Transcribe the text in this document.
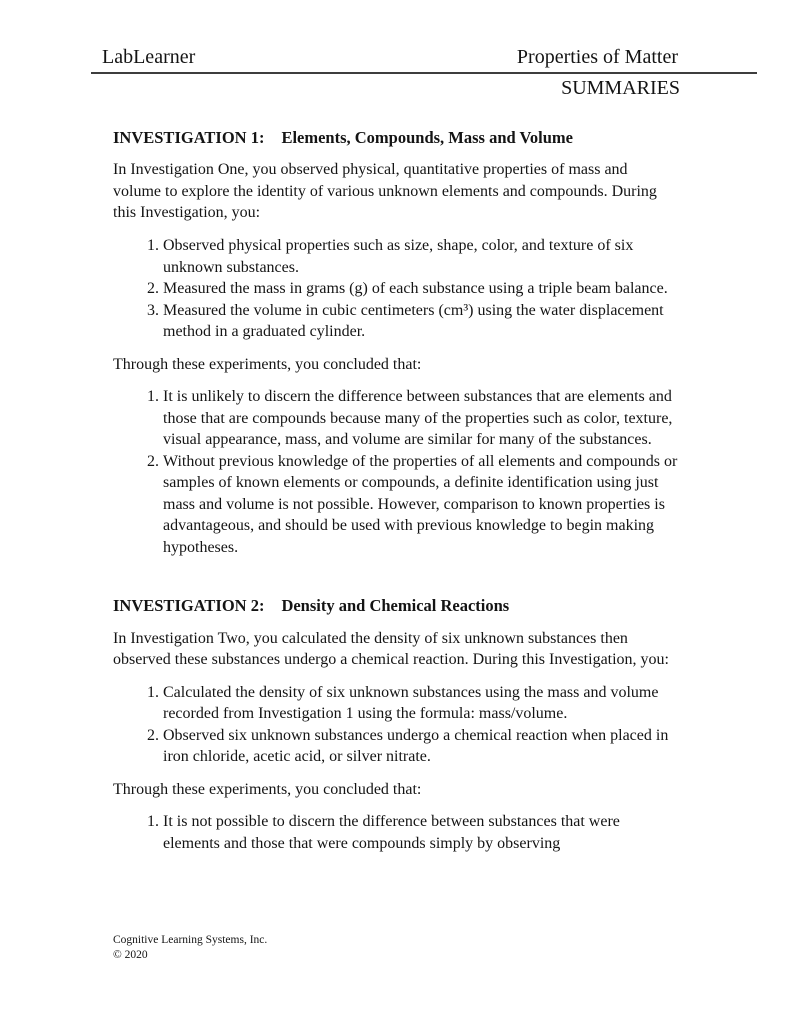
LabLearner	Properties of Matter
SUMMARIES
INVESTIGATION 1: Elements, Compounds, Mass and Volume

In Investigation One, you observed physical, quantitative properties of mass and volume to explore the identity of various unknown elements and compounds. During this Investigation, you:

1. Observed physical properties such as size, shape, color, and texture of six unknown substances.
2. Measured the mass in grams (g) of each substance using a triple beam balance.
3. Measured the volume in cubic centimeters (cm³) using the water displacement method in a graduated cylinder.

Through these experiments, you concluded that:

1. It is unlikely to discern the difference between substances that are elements and those that are compounds because many of the properties such as color, texture, visual appearance, mass, and volume are similar for many of the substances.
2. Without previous knowledge of the properties of all elements and compounds or samples of known elements or compounds, a definite identification using just mass and volume is not possible. However, comparison to known properties is advantageous, and should be used with previous knowledge to begin making hypotheses.
INVESTIGATION 2: Density and Chemical Reactions

In Investigation Two, you calculated the density of six unknown substances then observed these substances undergo a chemical reaction. During this Investigation, you:

1. Calculated the density of six unknown substances using the mass and volume recorded from Investigation 1 using the formula: mass/volume.
2. Observed six unknown substances undergo a chemical reaction when placed in iron chloride, acetic acid, or silver nitrate.

Through these experiments, you concluded that:

1. It is not possible to discern the difference between substances that were elements and those that were compounds simply by observing
Cognitive Learning Systems, Inc.
© 2020
